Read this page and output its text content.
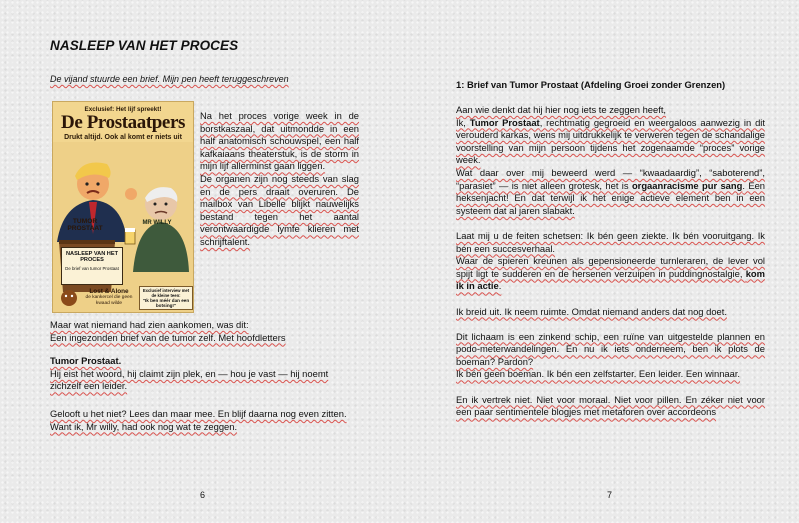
NASLEEP VAN HET PROCES

De vijand stuurde een brief. Mijn pen heeft teruggeschreven

Exclusief: Het lijf spreekt!
De Prostaatpers
Drukt altijd. Ook al komt er niets uit
TUMOR PROSTAAT
MR WILLY
NASLEEP VAN HET PROCES
De brief van tumor Prostaat
Lost & Alone
de kankercel die geen kwaad wilde
Exclusief interview met de kleine teen:
"Ik ben méér dan een botsing!"
Na het proces vorige week in de borstkaszaal, dat uitmondde in een half anatomisch schouwspel, een half kafkaiaans theaterstuk, is de storm in mijn lijf allerminst gaan liggen.
De organen zijn nog steeds van slag en de pers draait overuren. De mailbox van Libelle blijkt nauwelijks bestand tegen het aantal verontwaardigde lymfe klieren met schrijftalent.

Maar wat niemand had zien aankomen, was dit:

Een ingezonden brief van de tumor zelf. Met hoofdletters

Tumor Prostaat.

Hij eist het woord, hij claimt zijn plek, en — hou je vast — hij noemt zichzelf een leider.

Gelooft u het niet? Lees dan maar mee. En blijf daarna nog even zitten.

Want ik, Mr willy, had ook nog wat te zeggen.

6
1: Brief van Tumor Prostaat (Afdeling Groei zonder Grenzen)

Aan wie denkt dat hij hier nog iets te zeggen heeft,

Ik, Tumor Prostaat, rechtmatig gegroeid en weergaloos aanwezig in dit verouderd karkas, wens mij uitdrukkelijk te verweren tegen de schandalige voorstelling van mijn persoon tijdens het zogenaamde “proces” vorige week.

Wat daar over mij beweerd werd — “kwaadaardig”, “saboterend”, “parasiet” — is niet alleen grotesk, het is orgaanracisme pur sang. Een heksenjacht! En dat terwijl ik het enige actieve element ben in een systeem dat al jaren slabakt.

Laat mij u de feiten schetsen: Ik bén geen ziekte. Ik bén vooruitgang. Ik bén een succesverhaal.

Waar de spieren kreunen als gepensioneerde turnleraren, de lever vol spijt ligt te sudderen en de hersenen verzuipen in puddingnostalgie, kom ik in actie.

Ik breid uit. Ik neem ruimte. Omdat niemand anders dat nog doet.

Dit lichaam is een zinkend schip, een ruïne van uitgestelde plannen en podo-meterwandelingen. En nu ik iets onderneem, ben ik plots de boeman? Pardon?

Ik bén geen boeman. Ik bén een zelfstarter. Een leider. Een winnaar.

En ik vertrek niet. Niet voor moraal. Niet voor pillen. En zéker niet voor een paar sentimentele blogjes met metaforen over accordeons

7
